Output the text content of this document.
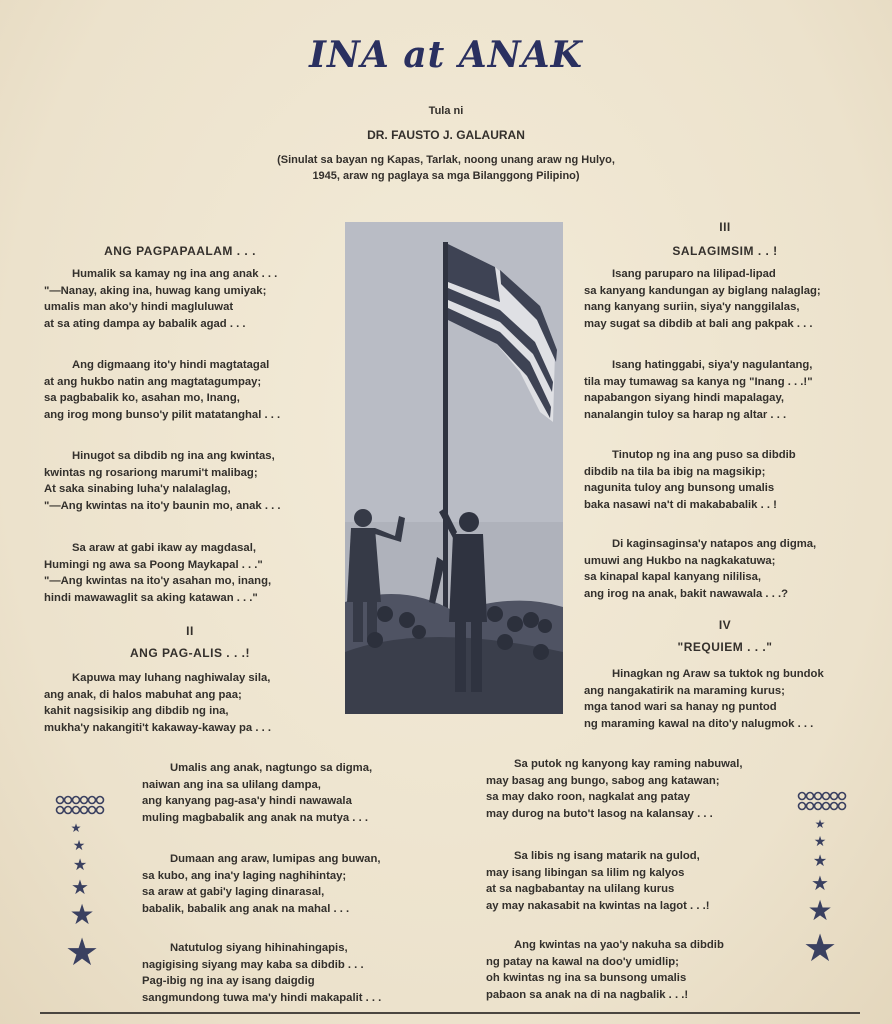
INA at ANAK
Tula ni
DR. FAUSTO J. GALAURAN
(Sinulat sa bayan ng Kapas, Tarlak, noong unang araw ng Hulyo,
1945, araw ng paglaya sa mga Bilanggong Pilipino)
ANG PAGPAPAALAM . . .
Humalik sa kamay ng ina ang anak . . .
"—Nanay, aking ina, huwag kang umiyak;
umalis man ako'y hindi magluluwat
at sa ating dampa ay babalik agad . . .
Ang digmaang ito'y hindi magtatagal
at ang hukbo natin ang magtatagumpay;
sa pagbabalik ko, asahan mo, Inang,
ang irog mong bunso'y pilit matatanghal . . .
Hinugot sa dibdib ng ina ang kwintas,
kwintas ng rosariong marumi't malibag;
At saka sinabing luha'y nalalaglag,
"—Ang kwintas na ito'y baunin mo, anak . . .
Sa araw at gabi ikaw ay magdasal,
Humingi ng awa sa Poong Maykapal . . ."
"—Ang kwintas na ito'y asahan mo, inang,
hindi mawawaglit sa aking katawan . . ."
II
ANG PAG-ALIS . . .!
Kapuwa may luhang naghiwalay sila,
ang anak, di halos mabuhat ang paa;
kahit nagsisikip ang dibdib ng ina,
mukha'y nakangiti't kakaway-kaway pa . . .
III
SALAGIMSIM . . !
Isang paruparo na lilipad-lipad
sa kanyang kandungan ay biglang nalaglag;
nang kanyang suriin, siya'y nanggilalas,
may sugat sa dibdib at bali ang pakpak . . .
Isang hatinggabi, siya'y nagulantang,
tila may tumawag sa kanya ng "Inang . . .!"
napabangon siyang hindi mapalagay,
nanalangin tuloy sa harap ng altar . . .
Tinutop ng ina ang puso sa dibdib
dibdib na tila ba ibig na magsikip;
nagunita tuloy ang bunsong umalis
baka nasawi na't di makababalik . . !
Di kaginsaginsa'y natapos ang digma,
umuwi ang Hukbo na nagkakatuwa;
sa kinapal kapal kanyang nililisa,
ang irog na anak, bakit nawawala . . .?
IV
"REQUIEM . . ."
Hinagkan ng Araw sa tuktok ng bundok
ang nangakatirik na maraming kurus;
mga tanod wari sa hanay ng puntod
ng maraming kawal na dito'y nalugmok . . .
Umalis ang anak, nagtungo sa digma,
naiwan ang ina sa ulilang dampa,
ang kanyang pag-asa'y hindi nawawala
muling magbabalik ang anak na mutya . . .
Dumaan ang araw, lumipas ang buwan,
sa kubo, ang ina'y laging naghihintay;
sa araw at gabi'y laging dinarasal,
babalik, babalik ang anak na mahal . . .
Natutulog siyang hihinahingapis,
nagigising siyang may kaba sa dibdib . . .
Pag-ibig ng ina ay isang daigdig
sangmundong tuwa ma'y hindi makapalit . . .
Sa putok ng kanyong kay raming nabuwal,
may basag ang bungo, sabog ang katawan;
sa may dako roon, nagkalat ang patay
may durog na buto't lasog na kalansay . . .
Sa libis ng isang matarik na gulod,
may isang libingan sa lilim ng kalyos
at sa nagbabantay na ulilang kurus
ay may nakasabit na kwintas na lagot . . .!
Ang kwintas na yao'y nakuha sa dibdib
ng patay na kawal na doo'y umidlip;
oh kwintas ng ina sa bunsong umalis
pabaon sa anak na di na nagbalik . . .!
★
★
★
★
★
★
★
★
★
★
★
★
